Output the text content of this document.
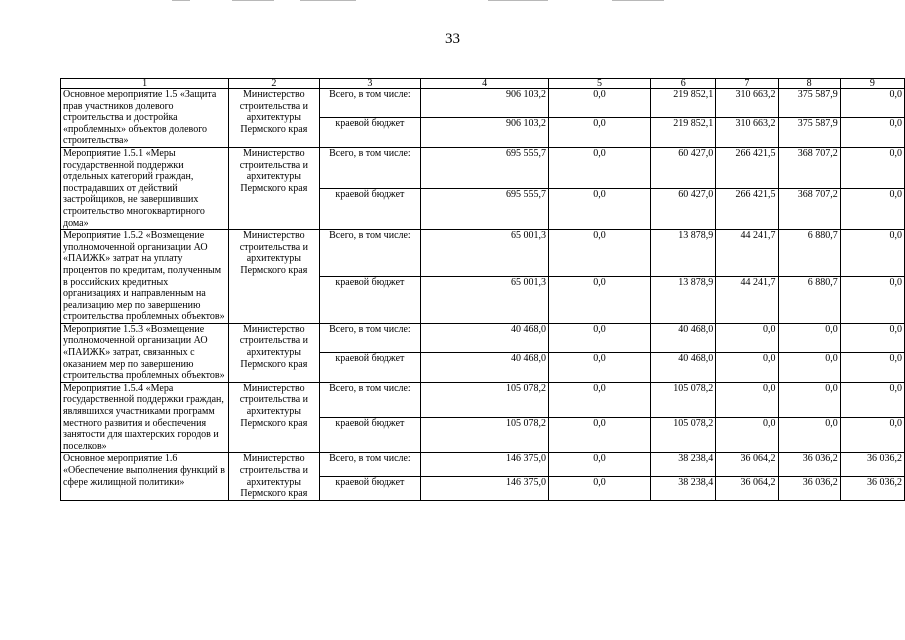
33
1	2	3	4	5	6	7	8	9
Основное мероприятие 1.5 «Защита прав участников долевого строительства и достройка «проблемных» объектов долевого строительства»	Министерство строительства и архитектуры Пермского края	Всего, в том числе:	906 103,2	0,0	219 852,1	310 663,2	375 587,9	0,0
		краевой бюджет	906 103,2	0,0	219 852,1	310 663,2	375 587,9	0,0
Мероприятие 1.5.1 «Меры государственной поддержки отдельных категорий граждан, пострадавших от действий застройщиков, не завершивших строительство многоквартирного дома»	Министерство строительства и архитектуры Пермского края	Всего, в том числе:	695 555,7	0,0	60 427,0	266 421,5	368 707,2	0,0
		краевой бюджет	695 555,7	0,0	60 427,0	266 421,5	368 707,2	0,0
Мероприятие 1.5.2 «Возмещение уполномоченной организации АО «ПАИЖК» затрат на уплату процентов по кредитам, полученным в российских кредитных организациях и направленным на реализацию мер по завершению строительства проблемных объектов»	Министерство строительства и архитектуры Пермского края	Всего, в том числе:	65 001,3	0,0	13 878,9	44 241,7	6 880,7	0,0
		краевой бюджет	65 001,3	0,0	13 878,9	44 241,7	6 880,7	0,0
Мероприятие 1.5.3 «Возмещение уполномоченной организации АО «ПАИЖК» затрат, связанных с оказанием мер по завершению строительства проблемных объектов»	Министерство строительства и архитектуры Пермского края	Всего, в том числе:	40 468,0	0,0	40 468,0	0,0	0,0	0,0
		краевой бюджет	40 468,0	0,0	40 468,0	0,0	0,0	0,0
Мероприятие 1.5.4 «Мера государственной поддержки граждан, являвшихся участниками программ местного развития и обеспечения занятости для шахтерских городов и поселков»	Министерство строительства и архитектуры Пермского края	Всего, в том числе:	105 078,2	0,0	105 078,2	0,0	0,0	0,0
		краевой бюджет	105 078,2	0,0	105 078,2	0,0	0,0	0,0
Основное мероприятие 1.6 «Обеспечение выполнения функций в сфере жилищной политики»	Министерство строительства и архитектуры Пермского края	Всего, в том числе:	146 375,0	0,0	38 238,4	36 064,2	36 036,2	36 036,2
		краевой бюджет	146 375,0	0,0	38 238,4	36 064,2	36 036,2	36 036,2
